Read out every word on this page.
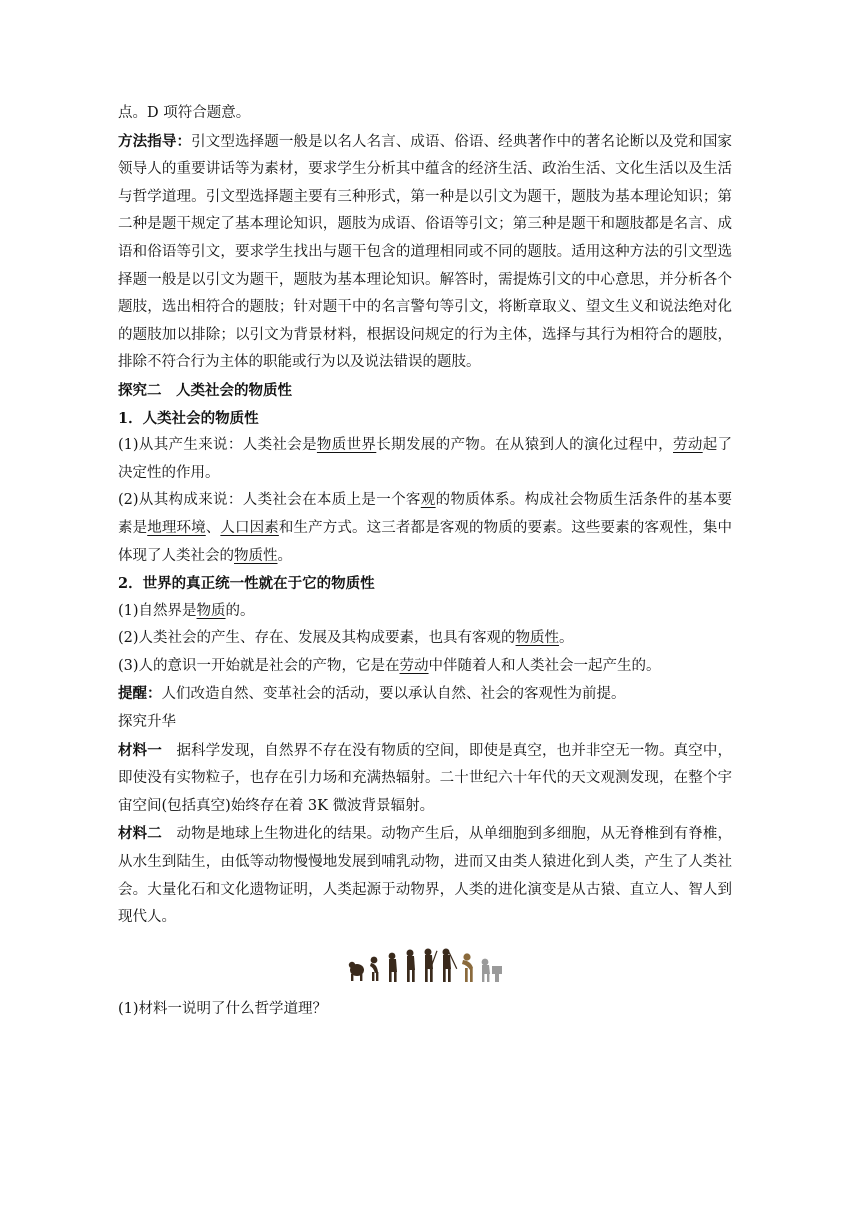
点。D 项符合题意。

方法指导：引文型选择题一般是以名人名言、成语、俗语、经典著作中的著名论断以及党和国家领导人的重要讲话等为素材，要求学生分析其中蕴含的经济生活、政治生活、文化生活以及生活与哲学道理。引文型选择题主要有三种形式，第一种是以引文为题干，题肢为基本理论知识；第二种是题干规定了基本理论知识，题肢为成语、俗语等引文；第三种是题干和题肢都是名言、成语和俗语等引文，要求学生找出与题干包含的道理相同或不同的题肢。适用这种方法的引文型选择题一般是以引文为题干，题肢为基本理论知识。解答时，需提炼引文的中心意思，并分析各个题肢，选出相符合的题肢；针对题干中的名言警句等引文，将断章取义、望文生义和说法绝对化的题肢加以排除；以引文为背景材料，根据设问规定的行为主体，选择与其行为相符合的题肢，排除不符合行为主体的职能或行为以及说法错误的题肢。

探究二　人类社会的物质性

1．人类社会的物质性

(1)从其产生来说：人类社会是物质世界长期发展的产物。在从猿到人的演化过程中，劳动起了决定性的作用。

(2)从其构成来说：人类社会在本质上是一个客观的物质体系。构成社会物质生活条件的基本要素是地理环境、人口因素和生产方式。这三者都是客观的物质的要素。这些要素的客观性，集中体现了人类社会的物质性。

2．世界的真正统一性就在于它的物质性

(1)自然界是物质的。

(2)人类社会的产生、存在、发展及其构成要素，也具有客观的物质性。

(3)人的意识一开始就是社会的产物，它是在劳动中伴随着人和人类社会一起产生的。

提醒：人们改造自然、变革社会的活动，要以承认自然、社会的客观性为前提。

探究升华

材料一　据科学发现，自然界不存在没有物质的空间，即使是真空，也并非空无一物。真空中，即使没有实物粒子，也存在引力场和充满热辐射。二十世纪六十年代的天文观测发现，在整个宇宙空间(包括真空)始终存在着 3K 微波背景辐射。

材料二　动物是地球上生物进化的结果。动物产生后，从单细胞到多细胞，从无脊椎到有脊椎，从水生到陆生，由低等动物慢慢地发展到哺乳动物，进而又由类人猿进化到人类，产生了人类社会。大量化石和文化遗物证明，人类起源于动物界，人类的进化演变是从古猿、直立人、智人到现代人。

(1)材料一说明了什么哲学道理？
